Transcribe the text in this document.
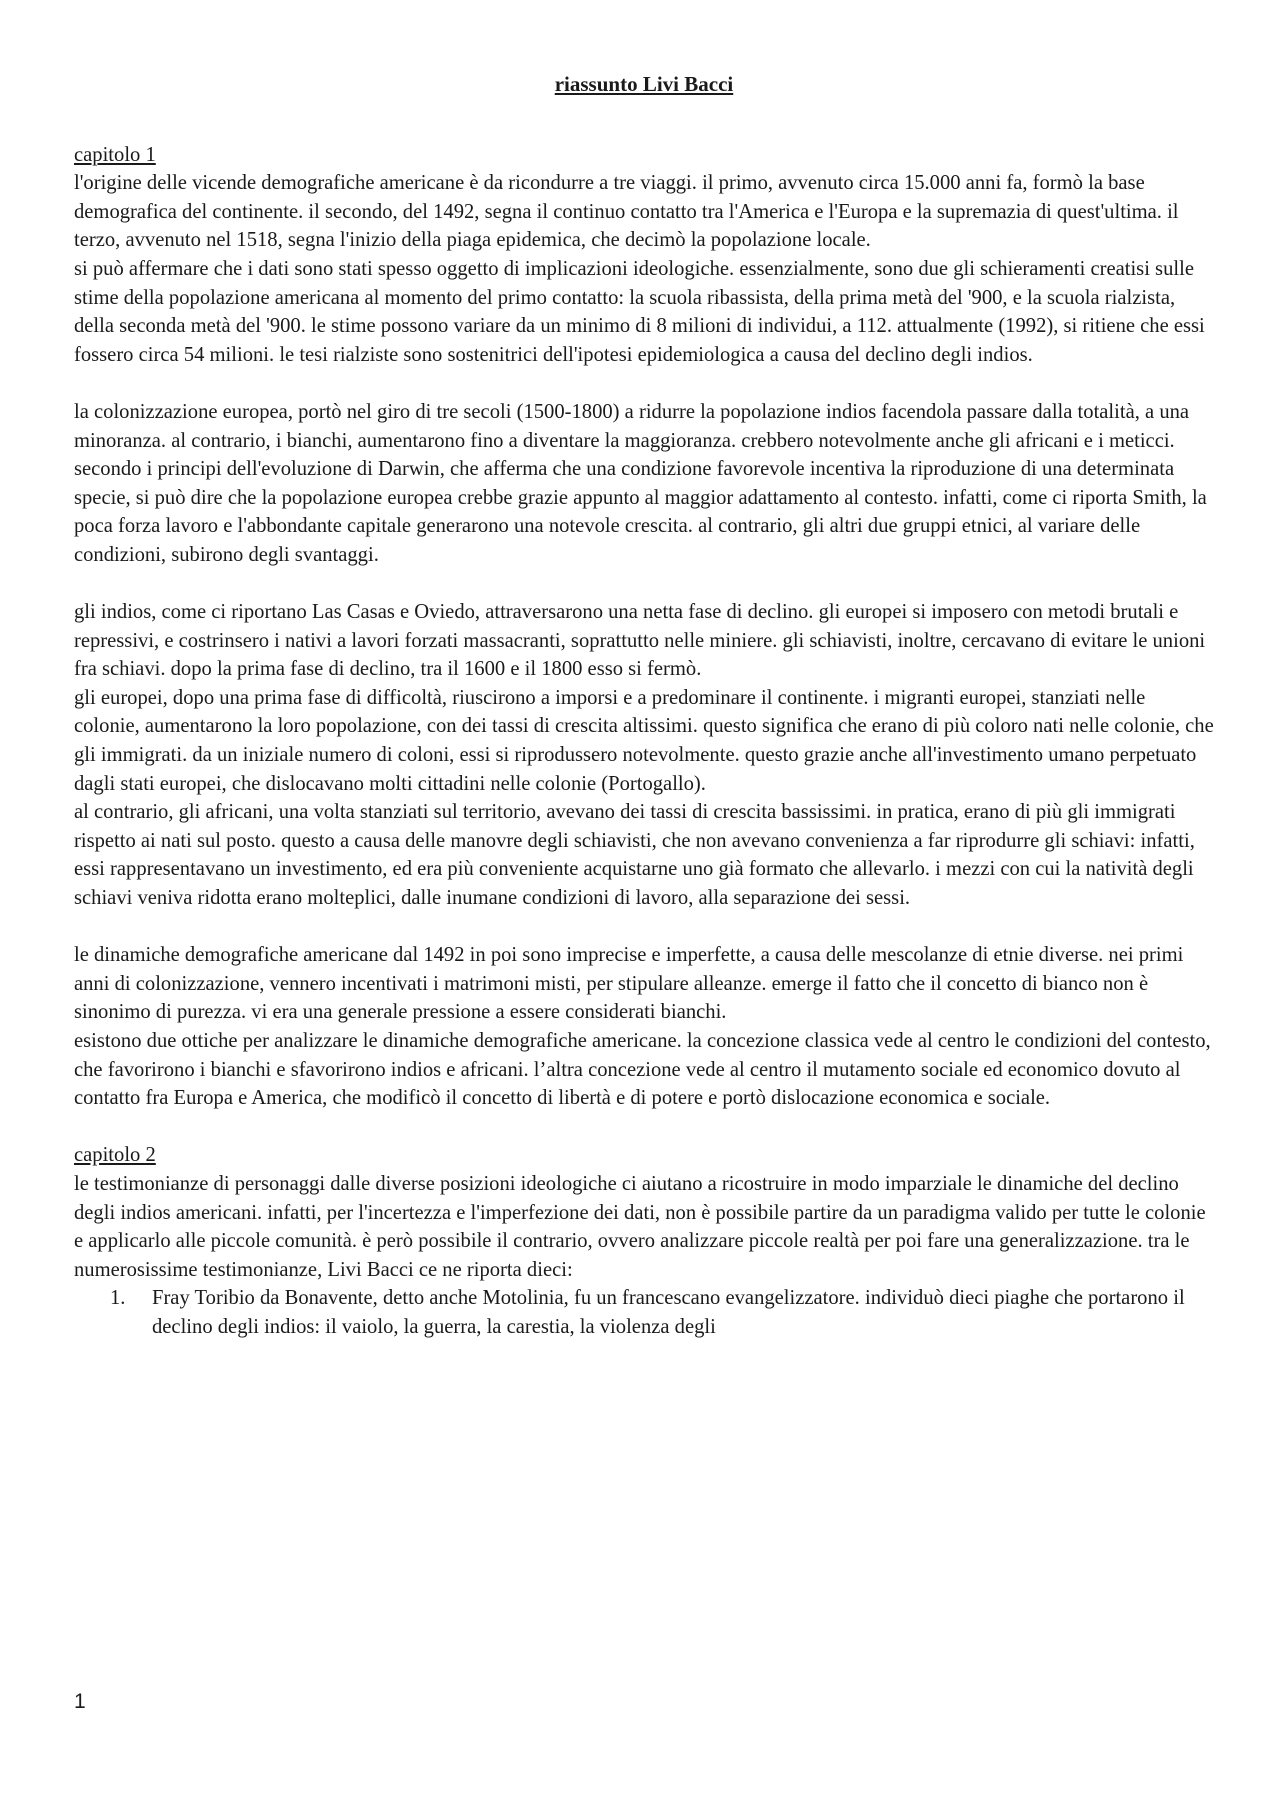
riassunto Livi Bacci
capitolo 1

l'origine delle vicende demografiche americane è da ricondurre a tre viaggi. il primo, avvenuto circa 15.000 anni fa, formò la base demografica del continente. il secondo, del 1492, segna il continuo contatto tra l'America e l'Europa e la supremazia di quest'ultima. il terzo, avvenuto nel 1518, segna l'inizio della piaga epidemica, che decimò la popolazione locale.

si può affermare che i dati sono stati spesso oggetto di implicazioni ideologiche. essenzialmente, sono due gli schieramenti creatisi sulle stime della popolazione americana al momento del primo contatto: la scuola ribassista, della prima metà del '900, e la scuola rialzista, della seconda metà del '900. le stime possono variare da un minimo di 8 milioni di individui, a 112. attualmente (1992), si ritiene che essi fossero circa 54 milioni. le tesi rialziste sono sostenitrici dell'ipotesi epidemiologica a causa del declino degli indios.

la colonizzazione europea, portò nel giro di tre secoli (1500-1800) a ridurre la popolazione indios facendola passare dalla totalità, a una minoranza. al contrario, i bianchi, aumentarono fino a diventare la maggioranza. crebbero notevolmente anche gli africani e i meticci. secondo i principi dell'evoluzione di Darwin, che afferma che una condizione favorevole incentiva la riproduzione di una determinata specie, si può dire che la popolazione europea crebbe grazie appunto al maggior adattamento al contesto. infatti, come ci riporta Smith, la poca forza lavoro e l'abbondante capitale generarono una notevole crescita. al contrario, gli altri due gruppi etnici, al variare delle condizioni, subirono degli svantaggi.

gli indios, come ci riportano Las Casas e Oviedo, attraversarono una netta fase di declino. gli europei si imposero con metodi brutali e repressivi, e costrinsero i nativi a lavori forzati massacranti, soprattutto nelle miniere. gli schiavisti, inoltre, cercavano di evitare le unioni fra schiavi. dopo la prima fase di declino, tra il 1600 e il 1800 esso si fermò.

gli europei, dopo una prima fase di difficoltà, riuscirono a imporsi e a predominare il continente. i migranti europei, stanziati nelle colonie, aumentarono la loro popolazione, con dei tassi di crescita altissimi. questo significa che erano di più coloro nati nelle colonie, che gli immigrati. da un iniziale numero di coloni, essi si riprodussero notevolmente. questo grazie anche all'investimento umano perpetuato dagli stati europei, che dislocavano molti cittadini nelle colonie (Portogallo).

al contrario, gli africani, una volta stanziati sul territorio, avevano dei tassi di crescita bassissimi. in pratica, erano di più gli immigrati rispetto ai nati sul posto. questo a causa delle manovre degli schiavisti, che non avevano convenienza a far riprodurre gli schiavi: infatti, essi rappresentavano un investimento, ed era più conveniente acquistarne uno già formato che allevarlo. i mezzi con cui la natività degli schiavi veniva ridotta erano molteplici, dalle inumane condizioni di lavoro, alla separazione dei sessi.

le dinamiche demografiche americane dal 1492 in poi sono imprecise e imperfette, a causa delle mescolanze di etnie diverse. nei primi anni di colonizzazione, vennero incentivati i matrimoni misti, per stipulare alleanze. emerge il fatto che il concetto di bianco non è sinonimo di purezza. vi era una generale pressione a essere considerati bianchi.

esistono due ottiche per analizzare le dinamiche demografiche americane. la concezione classica vede al centro le condizioni del contesto, che favorirono i bianchi e sfavorirono indios e africani. l’altra concezione vede al centro il mutamento sociale ed economico dovuto al contatto fra Europa e America, che modificò il concetto di libertà e di potere e portò dislocazione economica e sociale.

capitolo 2

le testimonianze di personaggi dalle diverse posizioni ideologiche ci aiutano a ricostruire in modo imparziale le dinamiche del declino degli indios americani. infatti, per l'incertezza e l'imperfezione dei dati, non è possibile partire da un paradigma valido per tutte le colonie e applicarlo alle piccole comunità. è però possibile il contrario, ovvero analizzare piccole realtà per poi fare una generalizzazione. tra le numerosissime testimonianze, Livi Bacci ce ne riporta dieci:

1. Fray Toribio da Bonavente, detto anche Motolinia, fu un francescano evangelizzatore. individuò dieci piaghe che portarono il declino degli indios: il vaiolo, la guerra, la carestia, la violenza degli
1
